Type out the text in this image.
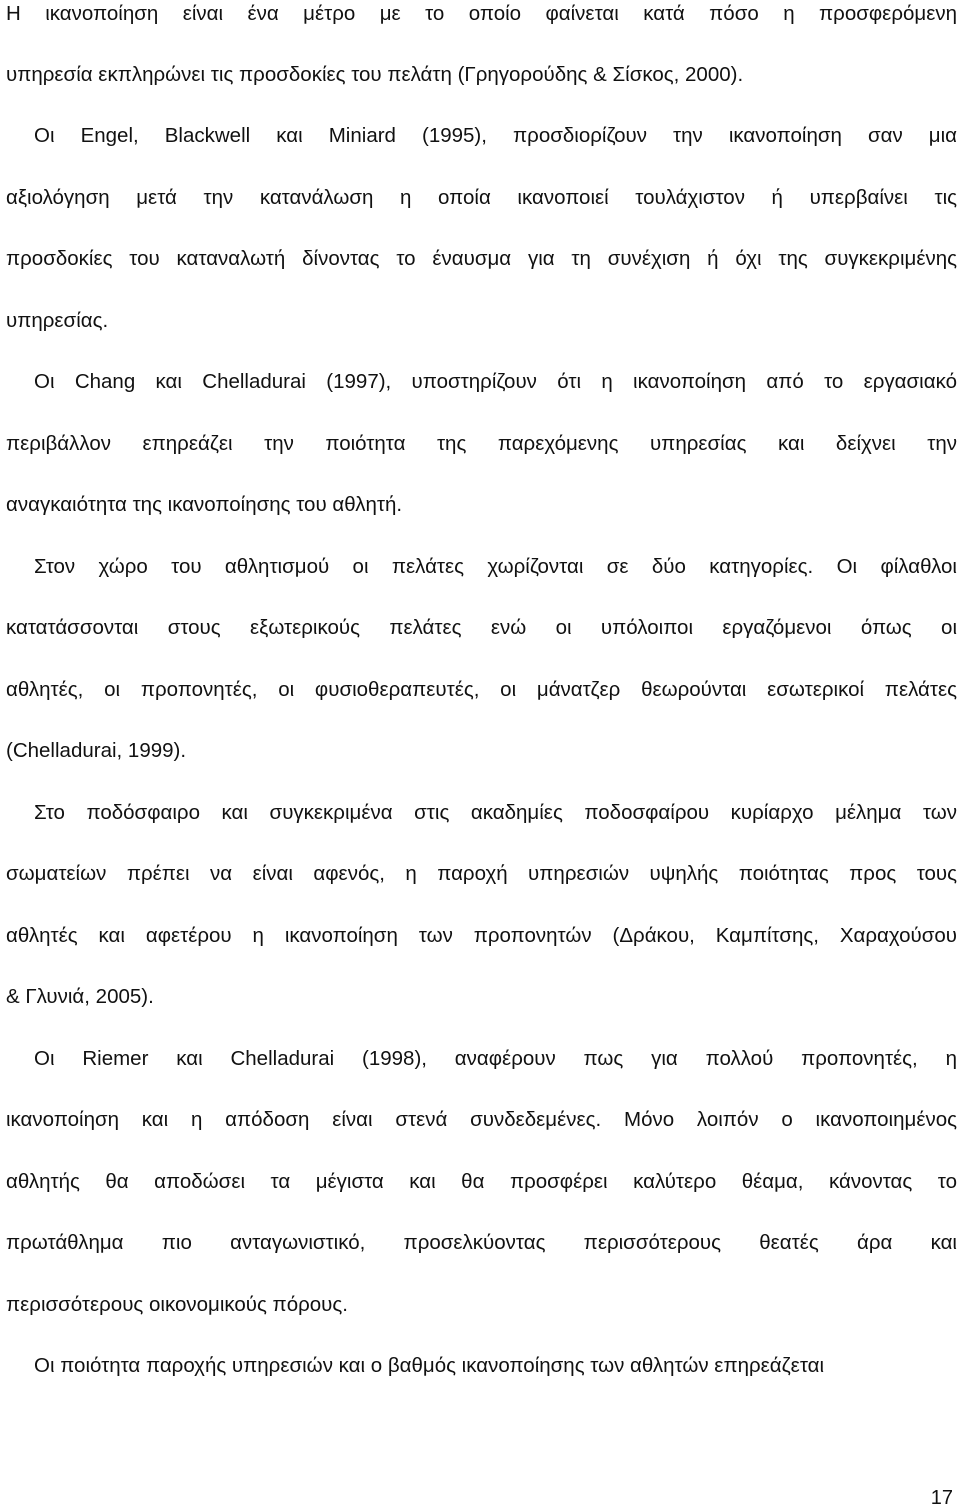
Η ικανοποίηση είναι ένα μέτρο με το οποίο φαίνεται κατά πόσο η προσφερόμενη
υπηρεσία εκπληρώνει τις προσδοκίες του πελάτη (Γρηγορούδης & Σίσκος, 2000).
Οι Engel, Blackwell και Miniard (1995), προσδιορίζουν την ικανοποίηση σαν μια
αξιολόγηση μετά την κατανάλωση η οποία ικανοποιεί τουλάχιστον ή υπερβαίνει τις
προσδοκίες του καταναλωτή δίνοντας το έναυσμα για τη συνέχιση ή όχι της συγκεκριμένης
υπηρεσίας.
Οι Chang και Chelladurai (1997), υποστηρίζουν ότι η ικανοποίηση από το εργασιακό
περιβάλλον επηρεάζει την ποιότητα της παρεχόμενης υπηρεσίας και δείχνει την
αναγκαιότητα της ικανοποίησης του αθλητή.
Στον χώρο του αθλητισμού οι πελάτες χωρίζονται σε δύο κατηγορίες. Οι φίλαθλοι
κατατάσσονται στους εξωτερικούς πελάτες ενώ οι υπόλοιποι εργαζόμενοι όπως οι
αθλητές, οι προπονητές, οι φυσιοθεραπευτές, οι μάνατζερ θεωρούνται εσωτερικοί πελάτες
(Chelladurai, 1999).
Στο ποδόσφαιρο και συγκεκριμένα στις ακαδημίες ποδοσφαίρου κυρίαρχο μέλημα των
σωματείων πρέπει να είναι αφενός, η παροχή υπηρεσιών υψηλής ποιότητας προς τους
αθλητές και αφετέρου η ικανοποίηση των προπονητών (Δράκου, Καμπίτσης, Χαραχούσου
& Γλυνιά, 2005).
Οι Riemer και Chelladurai (1998), αναφέρουν πως για πολλού προπονητές, η
ικανοποίηση και η απόδοση είναι στενά συνδεδεμένες. Μόνο λοιπόν ο ικανοποιημένος
αθλητής θα αποδώσει τα μέγιστα και θα προσφέρει καλύτερο θέαμα, κάνοντας το
πρωτάθλημα πιο ανταγωνιστικό, προσελκύοντας περισσότερους θεατές άρα και
περισσότερους οικονομικούς πόρους.
Οι ποιότητα παροχής υπηρεσιών και ο βαθμός ικανοποίησης των αθλητών επηρεάζεται
17
